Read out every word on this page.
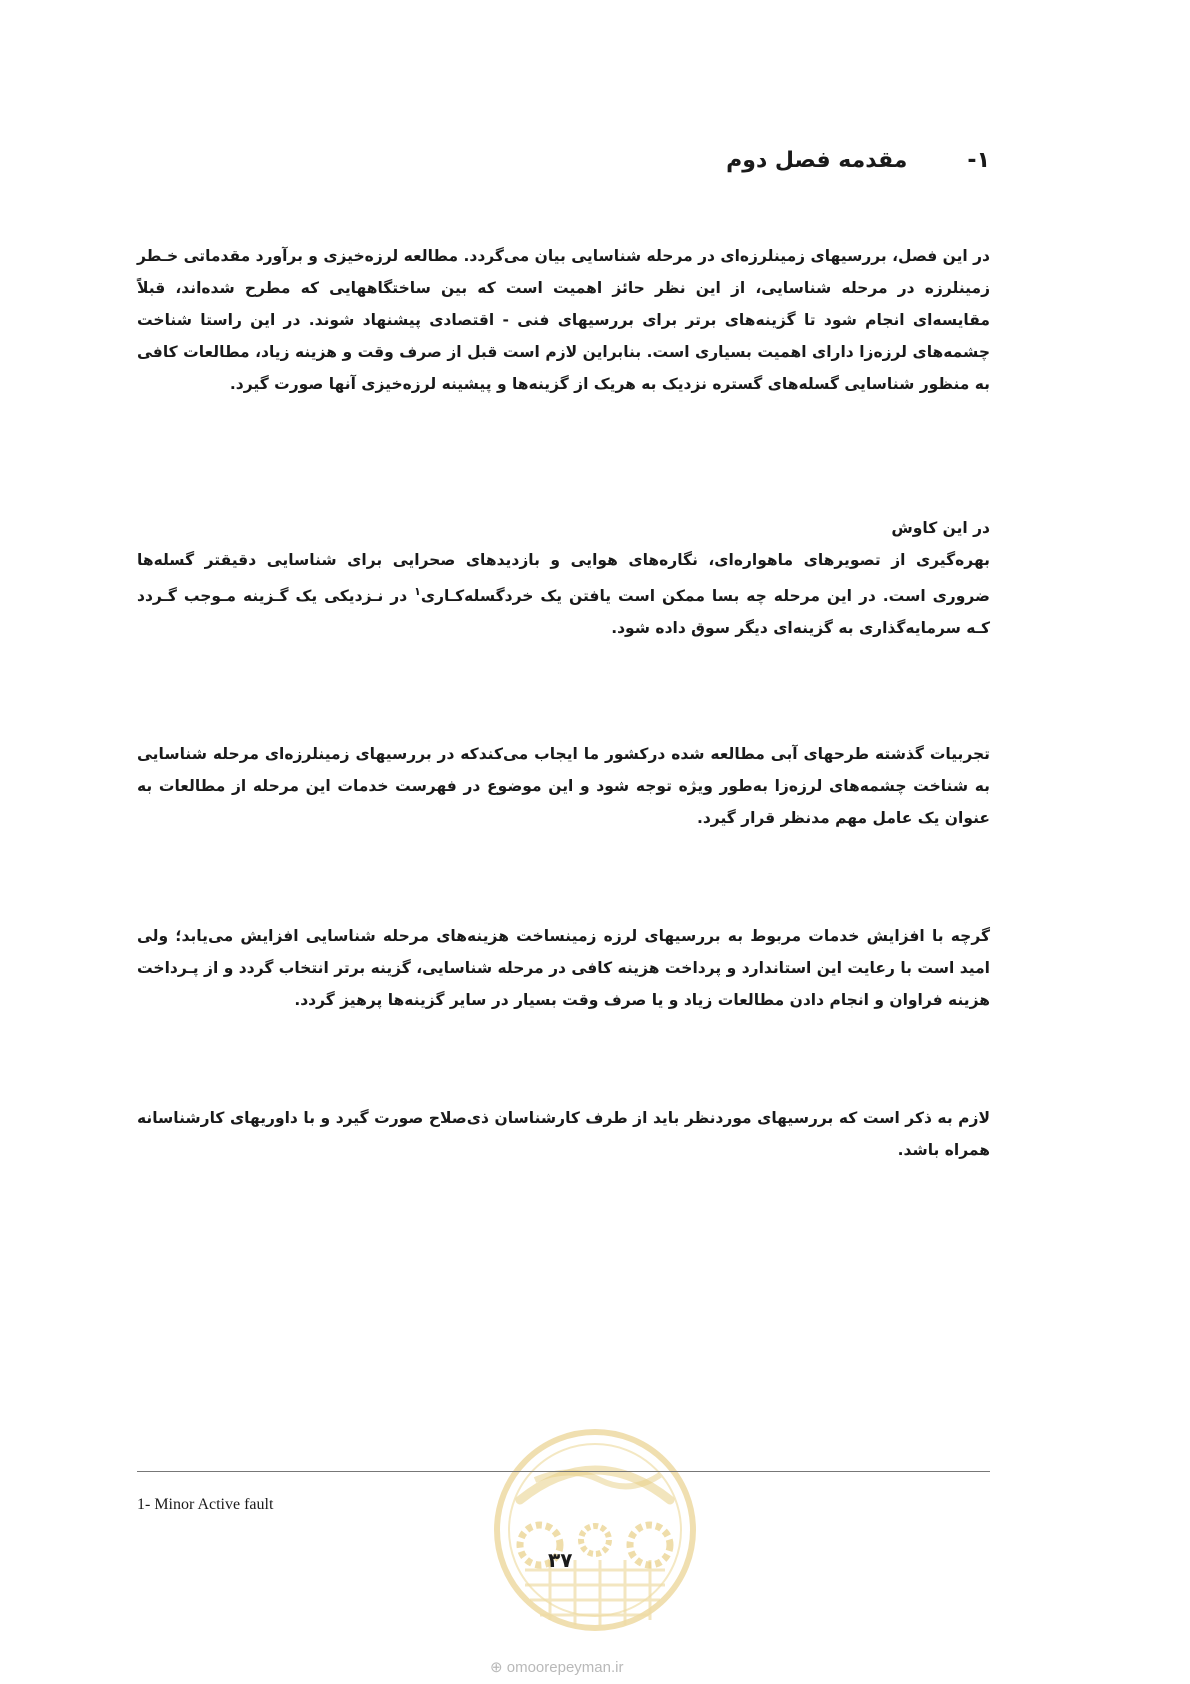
۱-
مقدمه فصل دوم

در این فصل، بررسیهای زمینلرزه‌ای در مرحله شناسایی بیان می‌گردد. مطالعه لرزه‌خیزی و برآورد مقدماتی خـطر زمینلرزه در مرحله شناسایی، از این نظر حائز اهمیت است که بین ساختگاههایی که مطرح شده‌اند، قبلاً مقایسه‌ای انجام شود تا گزینه‌های برتر برای بررسیهای فنی - اقتصادی پیشنهاد شوند. در این راستا شناخت چشمه‌های لرزه‌زا دارای اهمیت بسیاری است. بنابراین لازم است قبل از صرف وقت و هزینه زیاد، مطالعات کافی به منظور شناسایی گسله‌های گستره نزدیک به هریک از گزینه‌ها و پیشینه لرزه‌خیزی آنها صورت گیرد.

در این کاوش
بهره‌گیری از تصویرهای ماهواره‌ای، نگاره‌های هوایی و بازدیدهای صحرایی برای شناسایی دقیقتر گسله‌ها ضروری است. در این مرحله چه بسا ممکن است یافتن یک خردگسله‌کـاری$^۱$ در نـزدیکی یک گـزینه مـوجب گـردد کـه سرمایه‌گذاری به گزینه‌ای دیگر سوق داده شود.

تجربیات گذشته طرحهای آبی مطالعه شده درکشور ما ایجاب می‌کندکه در بررسیهای زمینلرزه‌ای مرحله شناسایی به شناخت چشمه‌های لرزه‌زا به‌طور ویژه توجه شود و این موضوع در فهرست خدمات این مرحله از مطالعات به عنوان یک عامل مهم مدنظر قرار گیرد.

گرچه با افزایش خدمات مربوط به بررسیهای لرزه زمینساخت هزینه‌های مرحله شناسایی افزایش می‌یابد؛ ولی امید است با رعایت این استاندارد و پرداخت هزینه کافی در مرحله شناسایی، گزینه برتر انتخاب گردد و از پـرداخت هزینه فراوان و انجام دادن مطالعات زیاد و یا صرف وقت بسیار در سایر گزینه‌ها پرهیز گردد.

لازم به ذکر است که بررسیهای موردنظر باید از طرف کارشناسان ذی‌صلاح صورت گیرد و با داوریهای کارشناسانه همراه باشد.

1- Minor Active fault
۳۷
⊕ omoorepeyman.ir
